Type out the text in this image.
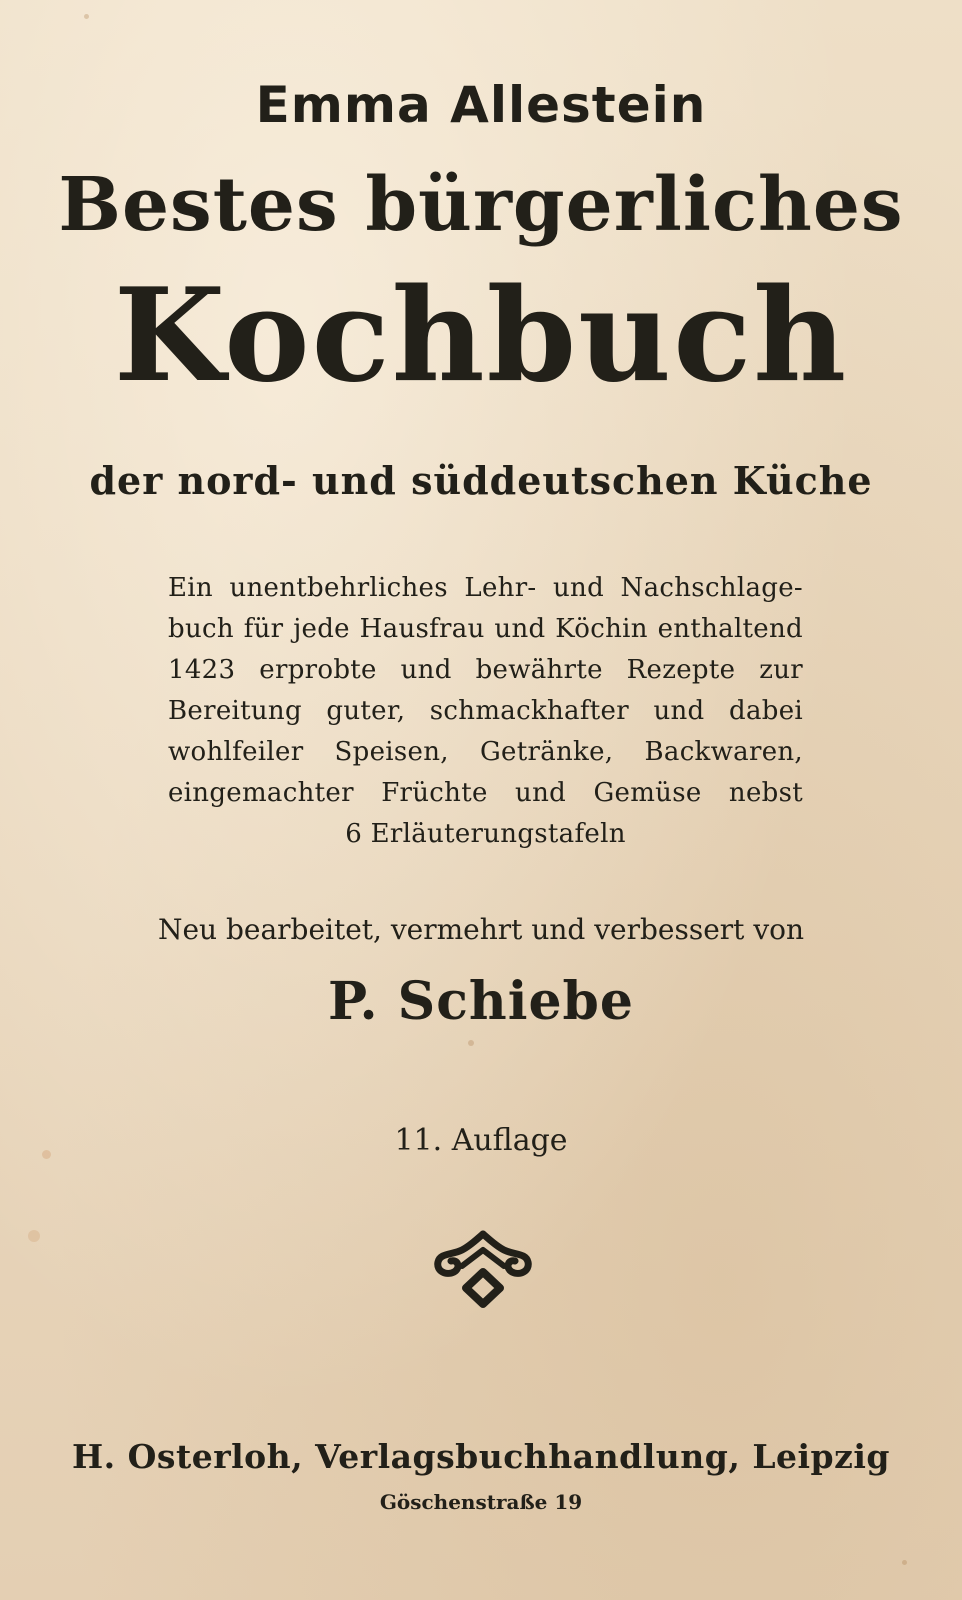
Emma Allestein
Bestes bürgerliches
Kochbuch
der nord- und süddeutschen Küche
Ein unentbehrliches Lehr- und Nachschlage-
buch für jede Hausfrau und Köchin enthaltend
1423 erprobte und bewährte Rezepte zur
Bereitung guter, schmackhafter und dabei
wohlfeiler Speisen, Getränke, Backwaren,
eingemachter Früchte und Gemüse nebst
6 Erläuterungstafeln
Neu bearbeitet, vermehrt und verbessert von
P. Schiebe
11. Auflage
H. Osterloh, Verlagsbuchhandlung, Leipzig
Göschenstraße 19
